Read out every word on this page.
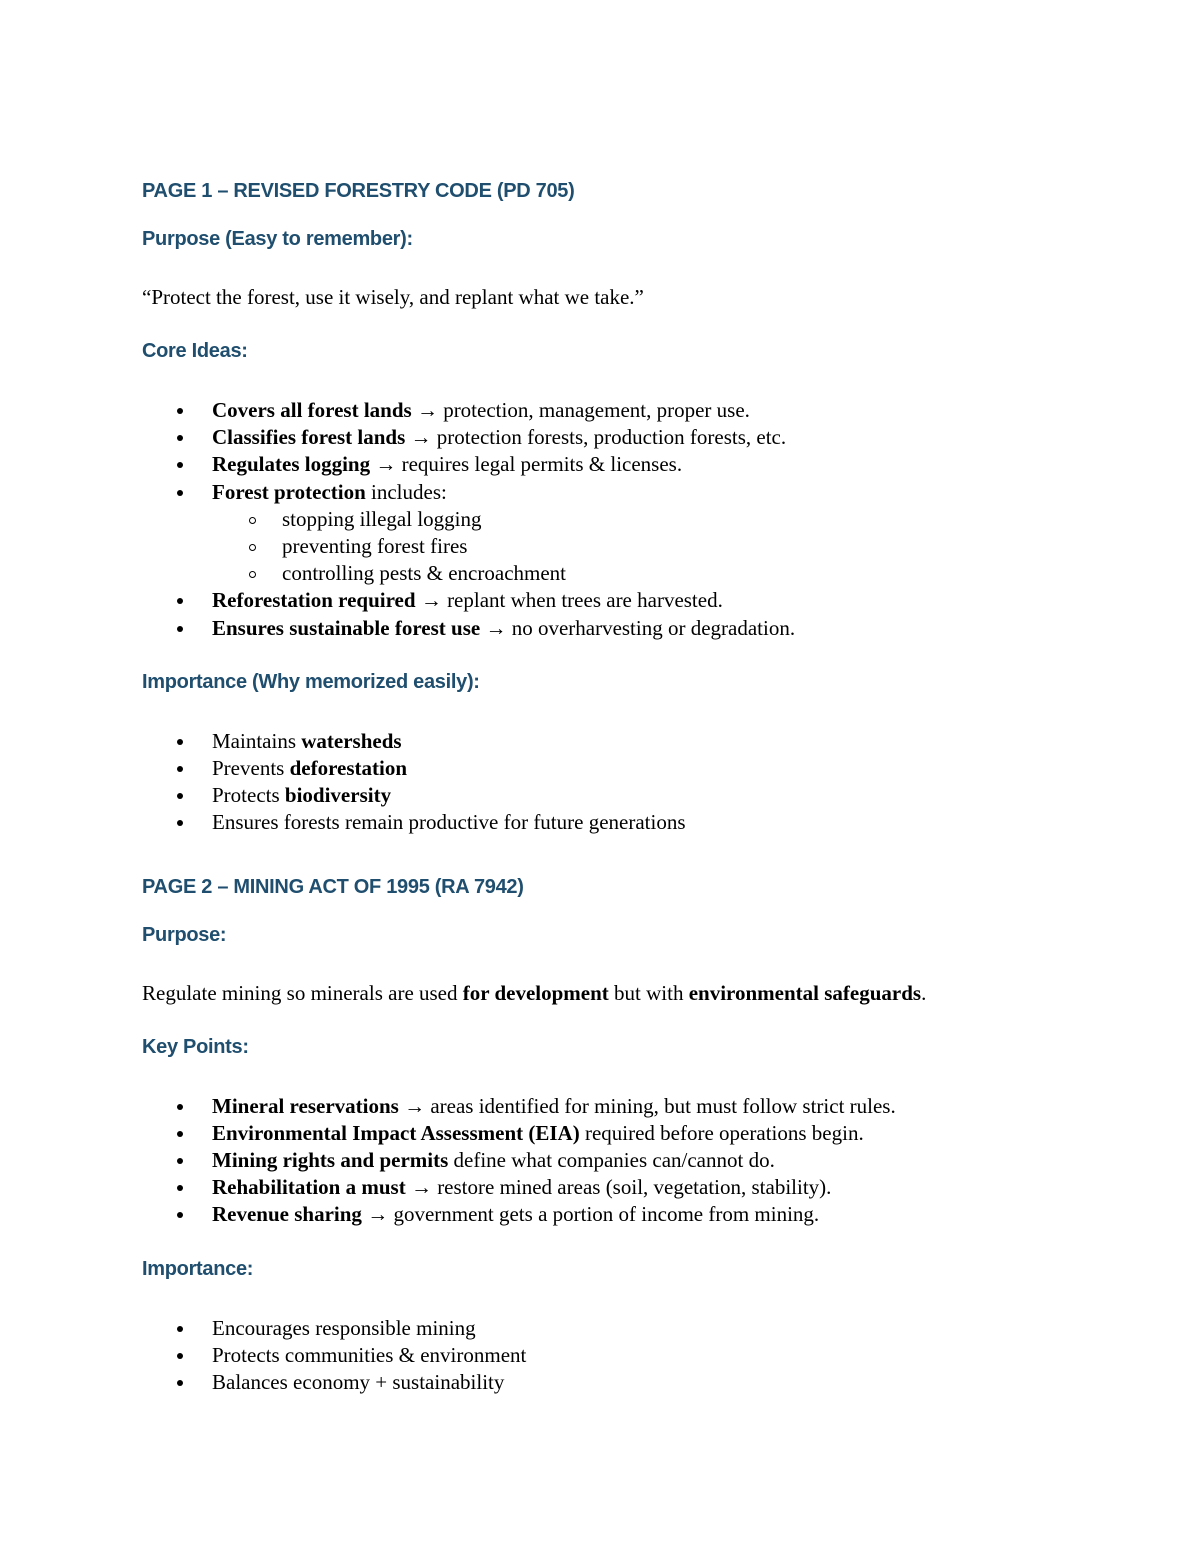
PAGE 1 – REVISED FORESTRY CODE (PD 705)
Purpose (Easy to remember):

“Protect the forest, use it wisely, and replant what we take.”

Core Ideas:
Covers all forest lands → protection, management, proper use.
Classifies forest lands → protection forests, production forests, etc.
Regulates logging → requires legal permits & licenses.
Forest protection includes:
stopping illegal logging
preventing forest fires
controlling pests & encroachment
Reforestation required → replant when trees are harvested.
Ensures sustainable forest use → no overharvesting or degradation.
Importance (Why memorized easily):
Maintains watersheds
Prevents deforestation
Protects biodiversity
Ensures forests remain productive for future generations
PAGE 2 – MINING ACT OF 1995 (RA 7942)
Purpose:

Regulate mining so minerals are used for development but with environmental safeguards.

Key Points:
Mineral reservations → areas identified for mining, but must follow strict rules.
Environmental Impact Assessment (EIA) required before operations begin.
Mining rights and permits define what companies can/cannot do.
Rehabilitation a must → restore mined areas (soil, vegetation, stability).
Revenue sharing → government gets a portion of income from mining.
Importance:
Encourages responsible mining
Protects communities & environment
Balances economy + sustainability
